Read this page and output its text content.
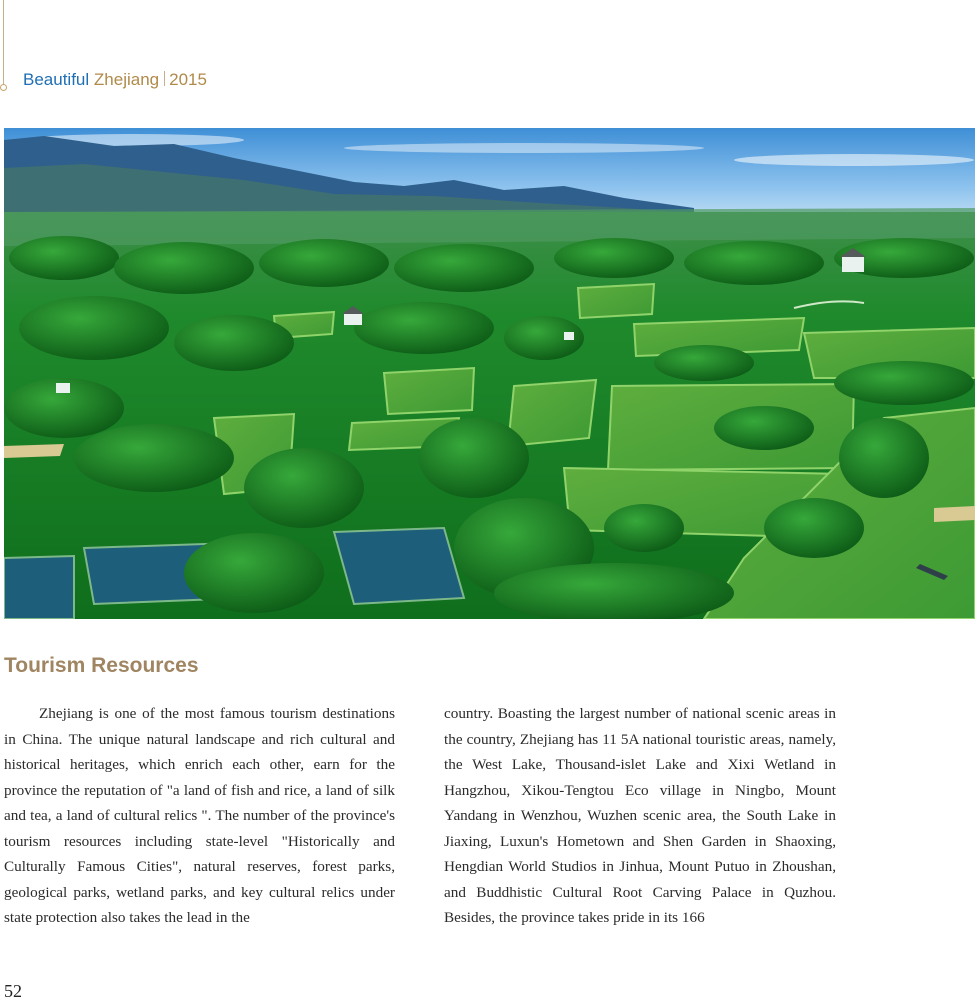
Beautiful Zhejiang 2015
Tourism Resources

Zhejiang is one of the most famous tourism destinations in China. The unique natural landscape and rich cultural and historical heritages, which enrich each other, earn for the province the reputation of "a land of fish and rice, a land of silk and tea, a land of cultural relics ". The number of the province's tourism resources including state-level "Historically and Culturally Famous Cities", natural reserves, forest parks, geological parks, wetland parks, and key cultural relics under state protection also takes the lead in the

country. Boasting the largest number of national scenic areas in the country, Zhejiang has 11 5A national touristic areas, namely, the West Lake, Thousand-islet Lake and Xixi Wetland in Hangzhou, Xikou-Tengtou Eco village in Ningbo, Mount Yandang in Wenzhou, Wuzhen scenic area, the South Lake in Jiaxing, Luxun's Hometown and Shen Garden in Shaoxing, Hengdian World Studios in Jinhua, Mount Putuo in Zhoushan, and Buddhistic Cultural Root Carving Palace in Quzhou. Besides, the province takes pride in its 166

52
